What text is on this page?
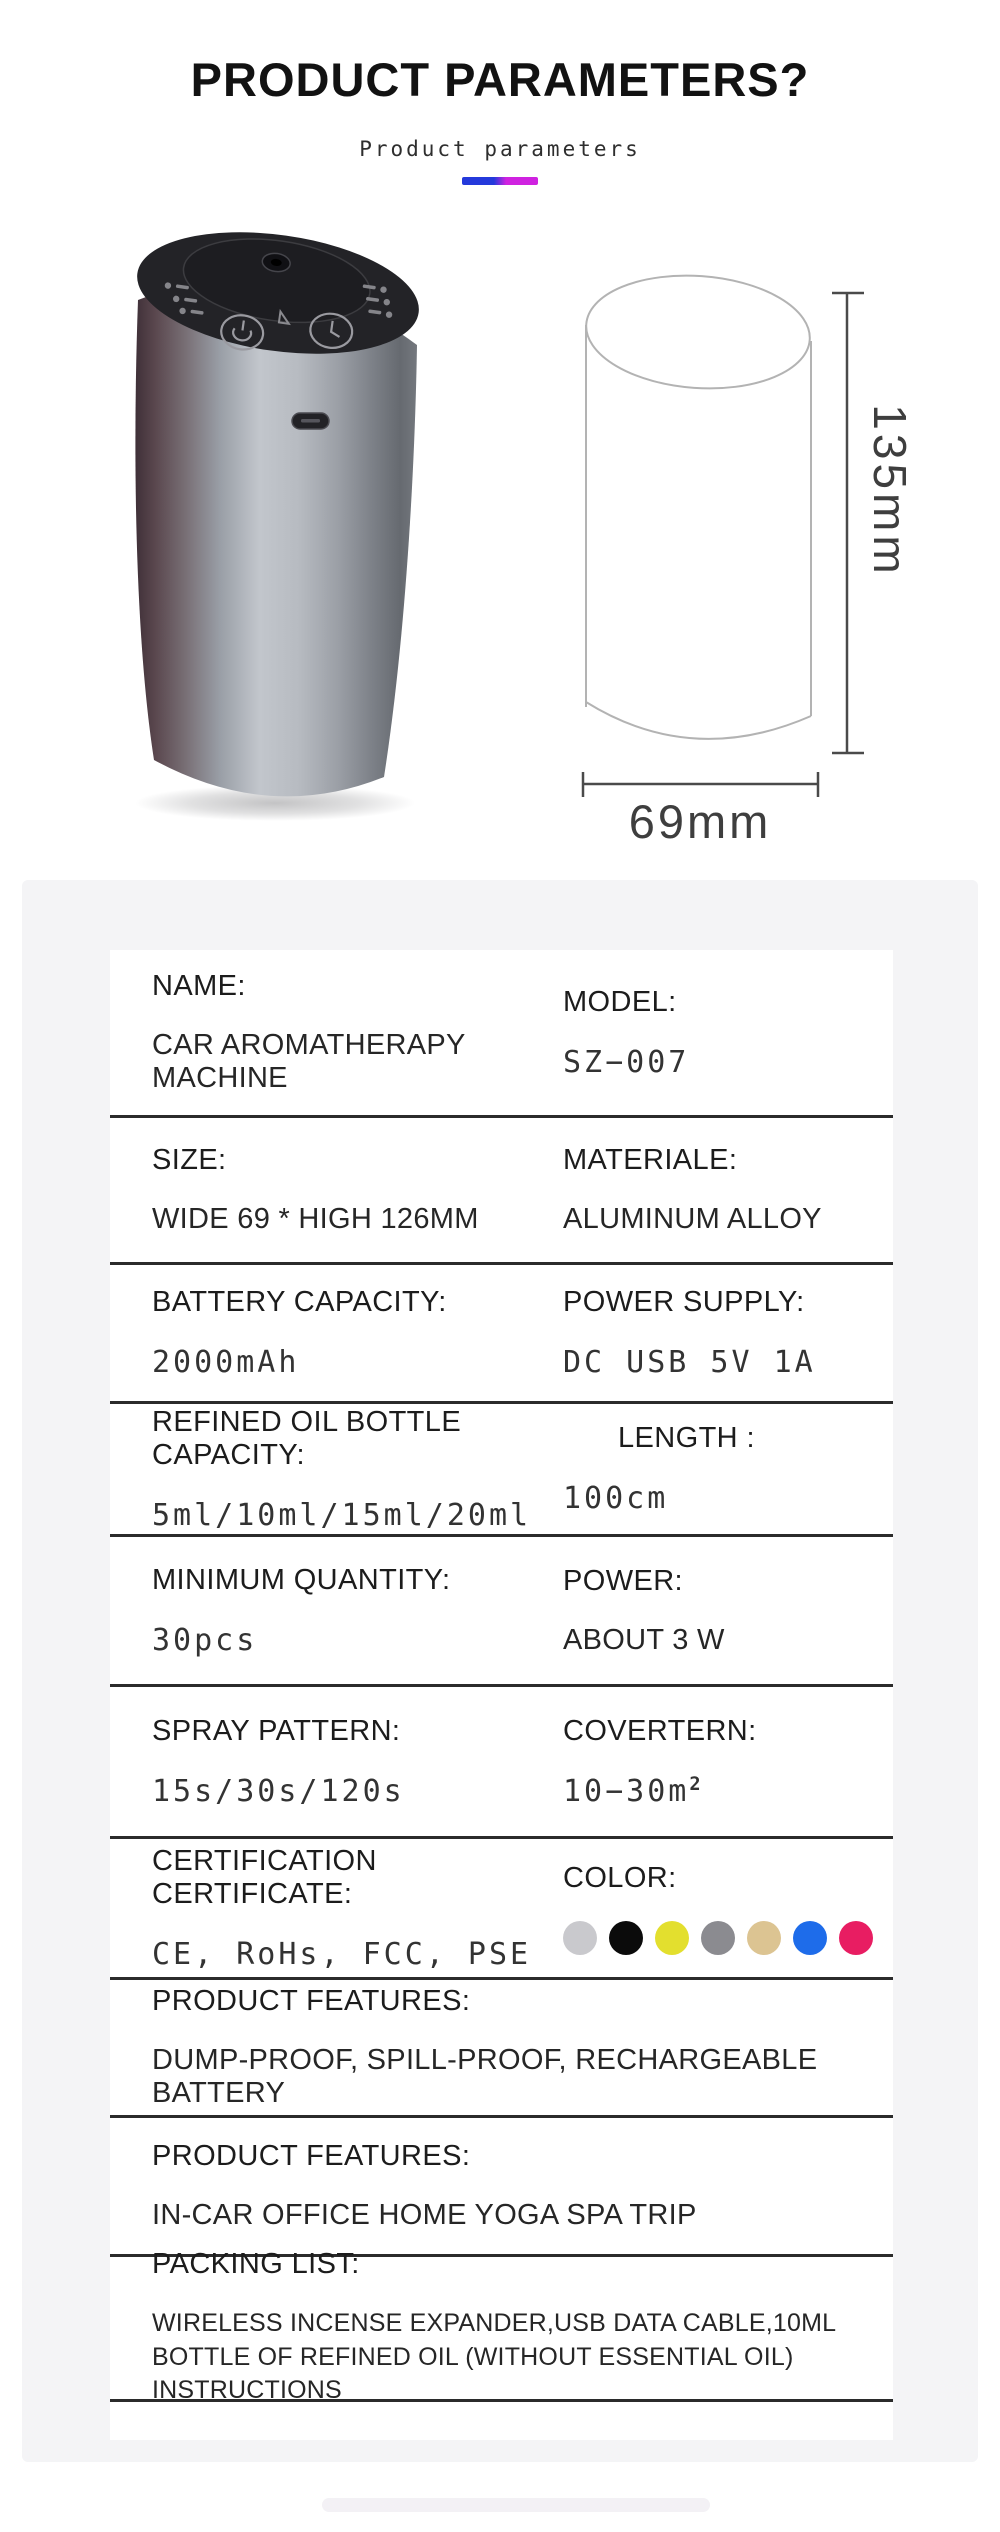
PRODUCT PARAMETERS?
Product parameters
135mm
69mm
NAME:
CAR AROMATHERAPY MACHINE
MODEL:
SZ−007
SIZE:
WIDE 69 * HIGH 126MM
MATERIALE:
ALUMINUM ALLOY
BATTERY CAPACITY:
2000mAh
POWER SUPPLY:
DC USB 5V 1A
REFINED OIL BOTTLE CAPACITY:
5ml/10ml/15ml/20ml
LENGTH :
100cm
MINIMUM QUANTITY:
30pcs
POWER:
ABOUT 3 W
SPRAY PATTERN:
15s/30s/120s
COVERTERN:
$10-30m^2$
CERTIFICATION CERTIFICATE:
CE, RoHs, FCC, PSE
COLOR:
PRODUCT FEATURES:
DUMP-PROOF, SPILL-PROOF, RECHARGEABLE BATTERY
PRODUCT FEATURES:
IN-CAR OFFICE HOME YOGA SPA TRIP
PACKING LIST:
WIRELESS INCENSE EXPANDER,USB DATA CABLE,10ML BOTTLE OF REFINED OIL (WITHOUT ESSENTIAL OIL) INSTRUCTIONS
